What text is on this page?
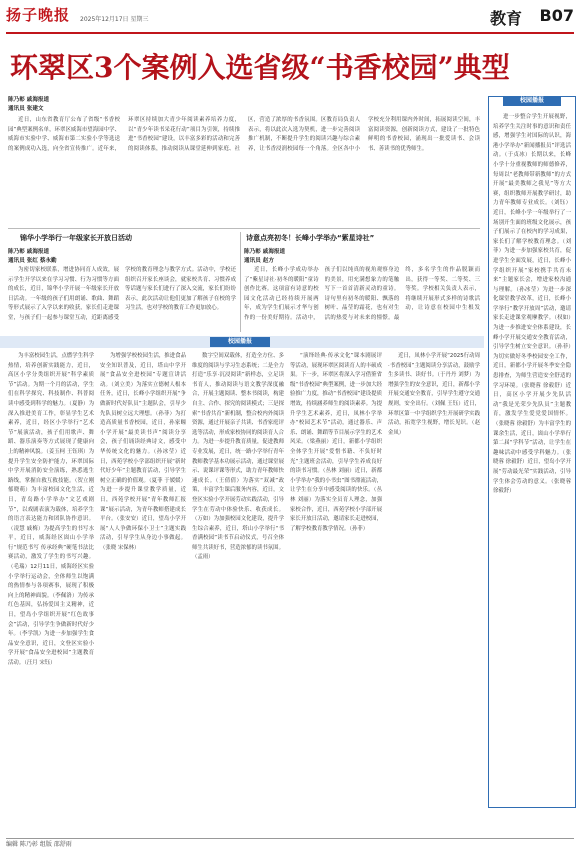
扬子晚报 2025年12月17日 星期三	教育 B07
环翠区3个案例入选省级“书香校园”典型
陈乃彰 戚海报道
通讯员 张建文
近日，山东省教育厅公布了省级“书香校园”典型案例名单，环翠区威海市望海园中学、威海市实验中学、威海市第二实验小学等选送的案例成功入选，向全省宣传推广。近年来，环翠区持续加大青少年阅读素养培养力度，以“青少年读书采花行动”项目为引领，持续推进“书香校园”建设，以丰富多彩的活动和完善的阅读体系，推动阅读从课堂延伸到家庭、社区，营造了浓厚的书香氛围。区教育局负责人表示，将以此次入选为契机，进一步完善阅读推广机制，不断提升学生的阅读兴趣与综合素养，让书香浸润校园每一个角落。全区各中小学校充分利用课内外时间，拓展阅读空间，丰富阅读资源，创新阅读方式，建设了一批特色鲜明的书香校园，涌现出一批爱读书、会读书、善读书的优秀师生。
锦华小学举行一年级家长开放日活动
陈乃彰 戚海报道
通讯员 张红 蔡永勤
为密切家校联系，增进协同育人成效，展示学生开学以来在学习习惯、行为习惯等方面的成长，近日，锦华小学开展一年级家长开放日活动。一年级的孩子们用朗诵、歌曲、舞蹈等形式展示了入学以来的收获，家长们走进课堂，与孩子们一起参与课堂互动，近距离感受学校的教育理念与教学方式。活动中，学校还组织召开家长座谈会，就家校共育、习惯养成等话题与家长们进行了深入交流，家长们纷纷表示，此次活动让他们更加了解孩子在校的学习生活，也对学校的教育工作更加放心。
诗意点亮初冬！长峰小学举办“紫星诗社”
陈乃彰 戚海报道
通讯员 赵方
近日，长峰小学成功举办了“紫星诗社·初冬的暖阳”童诗创作比赛。这项富有诗意的校园文化活动已经持续开展两年，成为学生们展示才华与创作的一份美好期待。活动中，孩子们以纯真的视角观察身边的美景，用充满想象力的笔触写下一首首清新灵动的童诗。诗句里有初冬的暖阳、飘落的树叶、晶莹的霜花，也有对生活的热爱与对未来的憧憬。最终，多名学生的作品脱颖而出，获得一等奖、二等奖、三等奖。学校相关负责人表示，将继续开展形式多样的诗歌活动，让诗意在校园中生根发
校园播报
为丰富校园生活，点燃学生科学热情，培养创新实践能力，近日，高区小学分类组织开展“科学素质节”活动。为期一个月的活动，学生们在科学探究、科技制作、科普阅读中感受到科学的魅力。（夏静）为深入推进美育工作，彰显学生艺术素养，近日，经区小学举行“艺术节”展演活动，孩子们用歌声、舞蹈、器乐演奏等方式展现了健康向上的精神风貌。（姜玉柯 王钰琪）为提升学生安全防护能力，环翠国际中学开展消防安全演练，熟悉逃生路线，掌握自救互救技能。（贺立刚 郁晓萌）为丰富校园文化生活，近日，青岛路小学举办“文艺戏剧节”，以戏剧表演为载体，培养学生的语言表达能力和团队协作意识。（凌慧 戚梅）为提高学生的书写水平，近日，威海经区崮山小学举行“规范书写 传承经典”硬笔书法比赛活动，激发了学生的书写兴趣。（毛瑞）12月11日，威海经区实验小学举行运动会，全体师生以饱满的热情参与各项赛事，展现了积极向上的精神面貌。（李佩洛）为传承红色基因，弘扬爱国主义精神，近日，望岛小学组织开展“红色故事会”活动，引导学生争做新时代好少年。（李学凯）为进一步加强学生食品安全意识，近日，文登区实验小学开展“食品安全进校园”主题教育活动。（汪月 宋钰）
为增强学校校园生活，推进食品安全知识普及，近日，塔山中学开展“食品安全进校园”专题宣讲活动。（刘立美）为落实立德树人根本任务，近日，长峰小学组织开展“争做新时代好队员”主题队会，引导少先队员树立远大理想。（孙菲）为打造高质量书香校园，近日，孙家疃小学开展“最美读书声”阅读分享会，孩子们诵读经典诗文，感受中华传统文化的魅力。（孙冰莹）近日，西苑学校小学部组织开展“新时代好少年”主题教育活动，引导学生树立正确的价值观。（夏菲 于媛媛）为进一步提升课堂教学质量，近日，西苑学校开展“青年教师汇报课”展示活动，为青年教师搭建成长平台。（张安安）近日，望岛小学开展“人人争做环保小卫士”主题实践活动，引导学生从身边小事做起。（张晓 宋保林）
数字空间双载体，打造全方位、多维度的阅读与学习生态系统；二是全力打造“乐享·沉浸阅读”新样态，立足读书育人，推动阅读与语文教学深度融合，开展主题阅读、整本书阅读，构建自主、合作、探究的阅读模式；三是探索“书香共育”新机制，整合校内外阅读资源，通过开展亲子共读、书香家庭评选等活动，形成家校协同的阅读育人合力。为进一步提升教育质量，促进教师专业发展，近日，统一路小学举行青年教师教学基本功展示活动，通过课堂展示、说课评课等形式，助力青年教师快速成长。（王倩倩）为落实“双减”政策，丰富学生课后服务内容，近日，文登区实验小学开展劳动实践活动，引导学生在劳动中体验快乐、收获成长。（万如）为加强校园文化建设，提升学生综合素养，近日，塔山小学举行“书香满校园”读书节启动仪式，号召全体师生共读好书，营造浓郁的读书氛围。（孟雨）
“演绎经典·传承文化”课本剧展评等活动，展现环翠区阅读育人的丰硕成果。下一步，环翠区将深入学习借鉴省级“书香校园”典型案例，进一步加大经验推广力度，推动“书香校园”建设提质增效，持续涵养师生的阅读素养。为提升学生艺术素养，近日，凤林小学举办“校园艺术节”活动，通过器乐、声乐、朗诵、舞蹈等节目展示学生的艺术风采。（梁燕丽）近日，新都小学组织全体学生开展“爱惜书籍、不负好时光”主题班会活动，引导学生养成良好的读书习惯。（丛林 刘丽）近日，新都小学举办“我的小书虫”图书漂流活动，让学生在分享中感受阅读的快乐。（丛林 刘丽）为落实全员育人理念，加强家校合作，近日，西苑学校小学部开展家长开放日活动，邀请家长走进校园，了解学校教育教学情况。（孙菲）
近日，凤林小学开展“2025行动周·书香校园”主题阅读分享活动，鼓励学生多读书、读好书。（于丹丹 刘梦）为增强学生的安全意识，近日，新都小学开展交通安全教育，引导学生遵守交通规则，安全出行。（刘佩 王钰）近日，环翠区第一中学组织学生开展研学实践活动，拓宽学生视野，增长见识。（赵金凤）
校园播报
进一步整合学生开展视野，培养学生关注时事的意识和责任感，增强学生对国际的认识，海港小学举办“新闻播报员”评选活动。（于贞冰）长期以来，长峰小学十分重视教师的师德修养，每周以“老教师带新教师”的方式开展“最美教师之我见”等方大赛，组织教师开展教学研讨，助力青年教师专业成长。（刘钰）近日，长峰小学一年级举行了一场别开生面的班级文化展示，孩子们展示了在校内的学习成果，家长们了解学校教育理念。（刘菲）为进一步加强家校共育，促进学生全面发展，近日，长峰小学组织开展“家校携手共育未来”主题家长会，增进家校沟通与理解。（孙冰莹）为进一步深化课堂教学改革，近日，长峰小学举行“教学开放周”活动，邀请家长走进课堂观摩教学。（权如）为进一步推进安全体系建设，长峰小学开展交通安全教育活动，引导学生树立安全意识。（孙菲）为切实做好冬季校园安全工作，近日，新都小学开展冬季安全隐患排查，为师生营造安全舒适的学习环境。（张晓蓉 徐毅舒）近日，高区小学开展少先队活动“我是光荣少先队员”主题教育，激发学生爱党爱国情怀。（张晓蓉 徐毅舒）为丰富学生的课余生活，近日，崮山小学举行第二届“学科节”活动，让学生在趣味活动中感受学科魅力。（张晓蓉 徐毅舒）近日，望岛小学开展“劳动最光荣”实践活动，引导学生体会劳动的意义。（张晓蓉 徐毅舒）
编辑 陈乃彰 组版 邵舒雨
